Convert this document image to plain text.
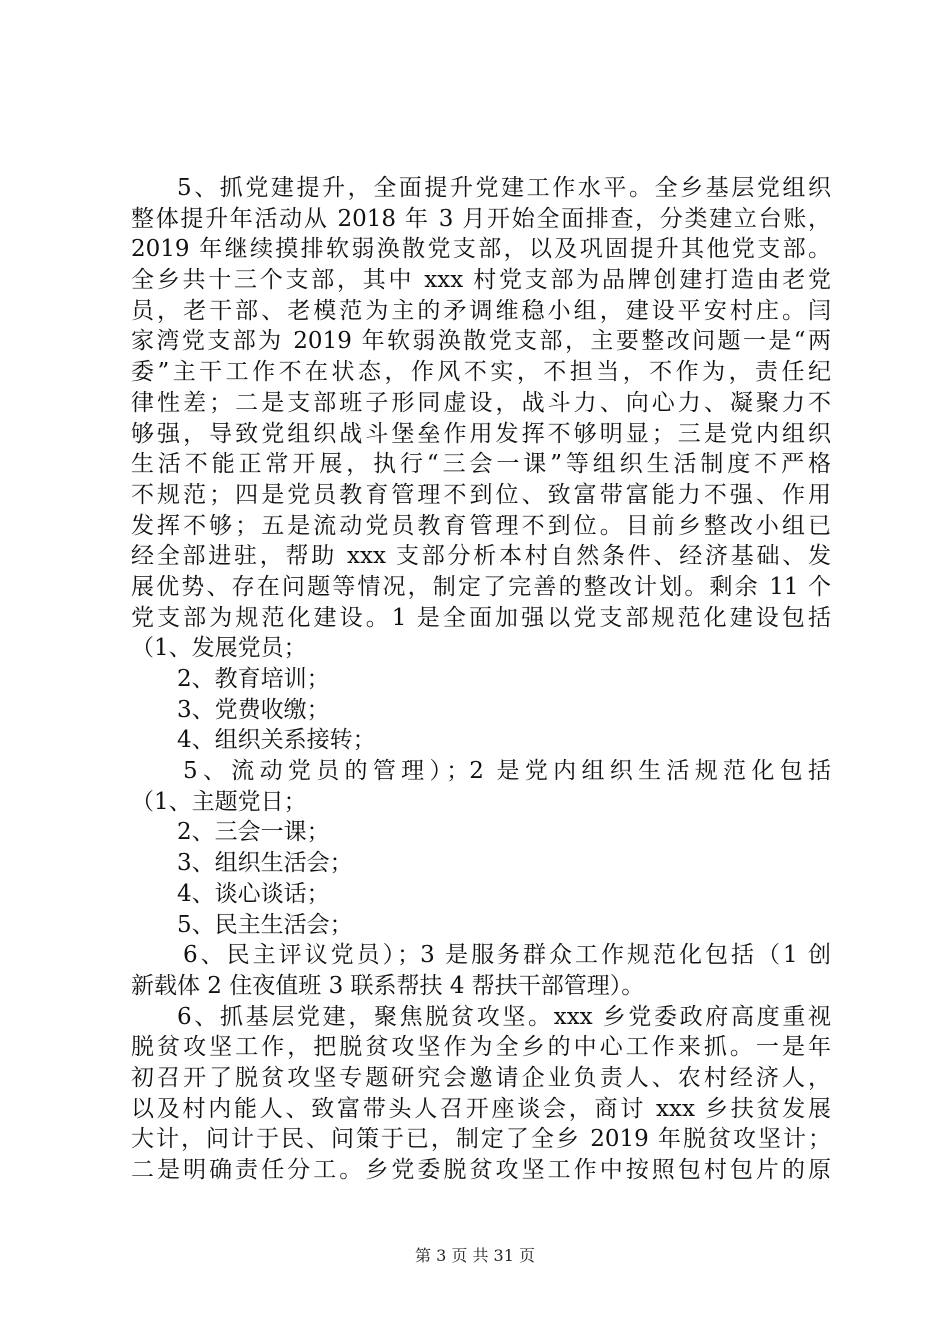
5、抓党建提升，全面提升党建工作水平。全乡基层党组织
整体提升年活动从 2018 年 3 月开始全面排查，分类建立台账，
2019 年继续摸排软弱涣散党支部，以及巩固提升其他党支部。
全乡共十三个支部，其中 xxx 村党支部为品牌创建打造由老党
员，老干部、老模范为主的矛调维稳小组，建设平安村庄。闫
家湾党支部为 2019 年软弱涣散党支部，主要整改问题一是“两
委”主干工作不在状态，作风不实，不担当，不作为，责任纪
律性差；二是支部班子形同虚设，战斗力、向心力、凝聚力不
够强，导致党组织战斗堡垒作用发挥不够明显；三是党内组织
生活不能正常开展，执行“三会一课”等组织生活制度不严格
不规范；四是党员教育管理不到位、致富带富能力不强、作用
发挥不够；五是流动党员教育管理不到位。目前乡整改小组已
经全部进驻，帮助 xxx 支部分析本村自然条件、经济基础、发
展优势、存在问题等情况，制定了完善的整改计划。剩余 11 个
党支部为规范化建设。1 是全面加强以党支部规范化建设包括
（1、发展党员；
2、教育培训；
3、党费收缴；
4、组织关系接转；
5、流动党员的管理）；2 是党内组织生活规范化包括
（1、主题党日；
2、三会一课；
3、组织生活会；
4、谈心谈话；
5、民主生活会；
6、民主评议党员）；3 是服务群众工作规范化包括（1 创
新载体 2 住夜值班 3 联系帮扶 4 帮扶干部管理）。
6、抓基层党建，聚焦脱贫攻坚。xxx 乡党委政府高度重视
脱贫攻坚工作，把脱贫攻坚作为全乡的中心工作来抓。一是年
初召开了脱贫攻坚专题研究会邀请企业负责人、农村经济人，
以及村内能人、致富带头人召开座谈会，商讨 xxx 乡扶贫发展
大计，问计于民、问策于已，制定了全乡 2019 年脱贫攻坚计；
二是明确责任分工。乡党委脱贫攻坚工作中按照包村包片的原
第 3 页 共 31 页
